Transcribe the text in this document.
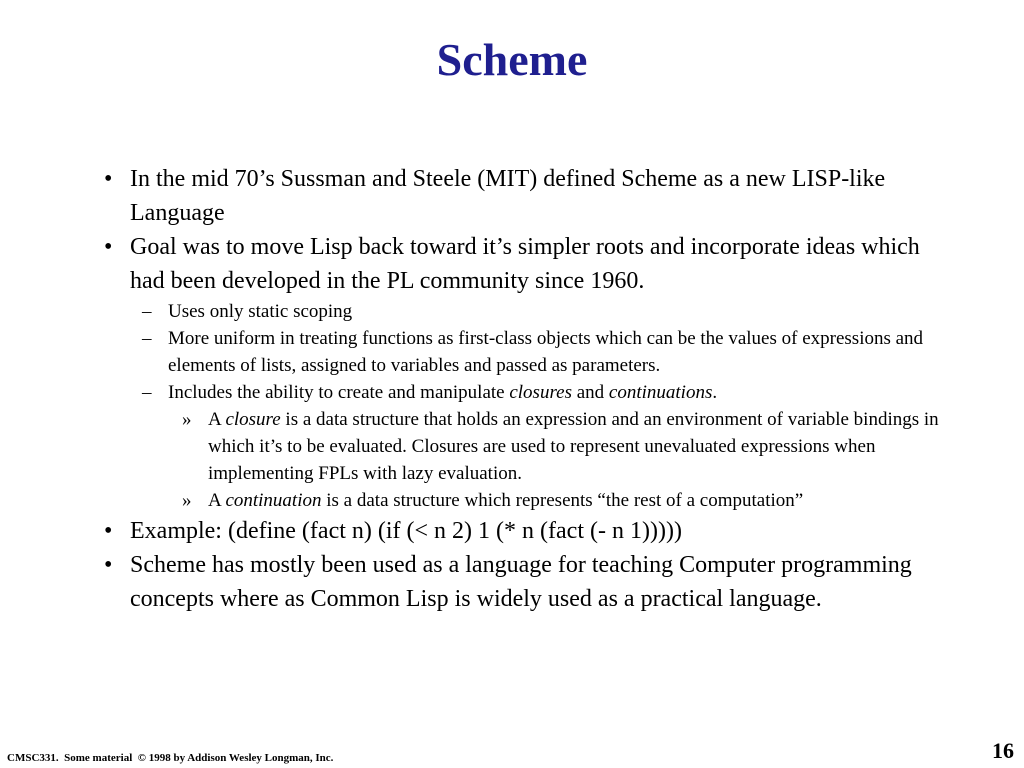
Scheme
• In the mid 70’s Sussman and Steele (MIT) defined Scheme as a new LISP-like Language
• Goal was to move Lisp back toward it’s simpler roots and incorporate ideas which had been developed in the PL community since 1960.
– Uses only static scoping
– More uniform in treating functions as first-class objects which can be the values of expressions and elements of lists, assigned to variables and passed as parameters.
– Includes the ability to create and manipulate closures and continuations.
» A closure is a data structure that holds an expression and an environment of variable bindings in which it’s to be evaluated. Closures are used to represent unevaluated expressions when implementing FPLs with lazy evaluation.
» A continuation is a data structure which represents “the rest of a computation”
• Example: (define (fact n) (if (< n 2) 1 (* n (fact (- n 1)))))
• Scheme has mostly been used as a language for teaching Computer programming concepts where as Common Lisp is widely used as a practical language.
CMSC331.  Some material  © 1998 by Addison Wesley Longman, Inc.	16
